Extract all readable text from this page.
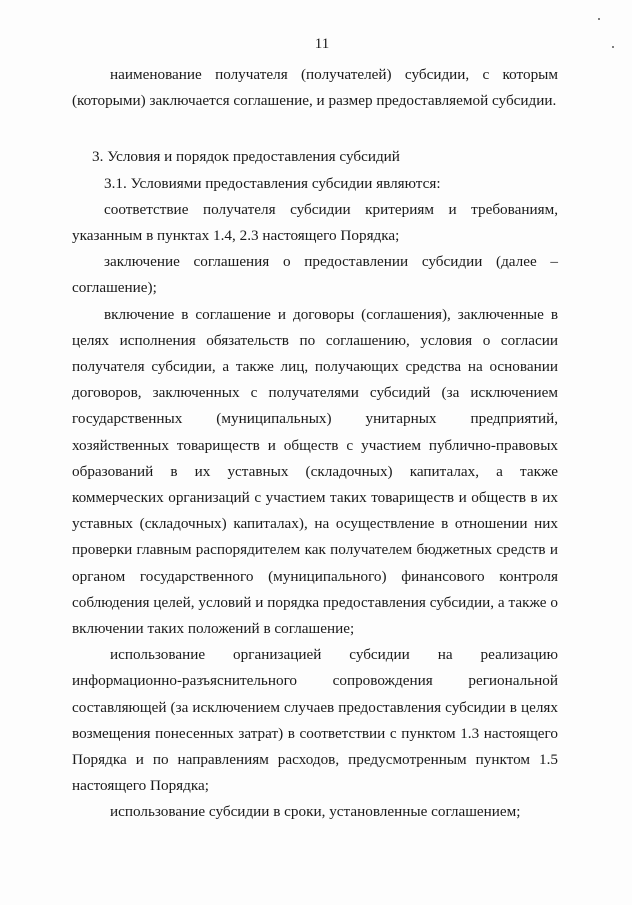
11

наименование получателя (получателей) субсидии, с которым (которыми) заключается соглашение, и размер предоставляемой субсидии.

3. Условия и порядок предоставления субсидий

3.1. Условиями предоставления субсидии являются:

соответствие получателя субсидии критериям и требованиям, указанным в пунктах 1.4, 2.3 настоящего Порядка;

заключение соглашения о предоставлении субсидии (далее – соглашение);

включение в соглашение и договоры (соглашения), заключенные в целях исполнения обязательств по соглашению, условия о согласии получателя субсидии, а также лиц, получающих средства на основании договоров, заключенных с получателями субсидий (за исключением государственных (муниципальных) унитарных предприятий, хозяйственных товариществ и обществ с участием публично-правовых образований в их уставных (складочных) капиталах, а также коммерческих организаций с участием таких товариществ и обществ в их уставных (складочных) капиталах), на осуществление в отношении них проверки главным распорядителем как получателем бюджетных средств и органом государственного (муниципального) финансового контроля соблюдения целей, условий и порядка предоставления субсидии, а также о включении таких положений в соглашение;

использование организацией субсидии на реализацию информационно-разъяснительного сопровождения региональной составляющей (за исключением случаев предоставления субсидии в целях возмещения понесенных затрат) в соответствии с пунктом 1.3 настоящего Порядка и по направлениям расходов, предусмотренным пунктом 1.5 настоящего Порядка;

использование субсидии в сроки, установленные соглашением;
